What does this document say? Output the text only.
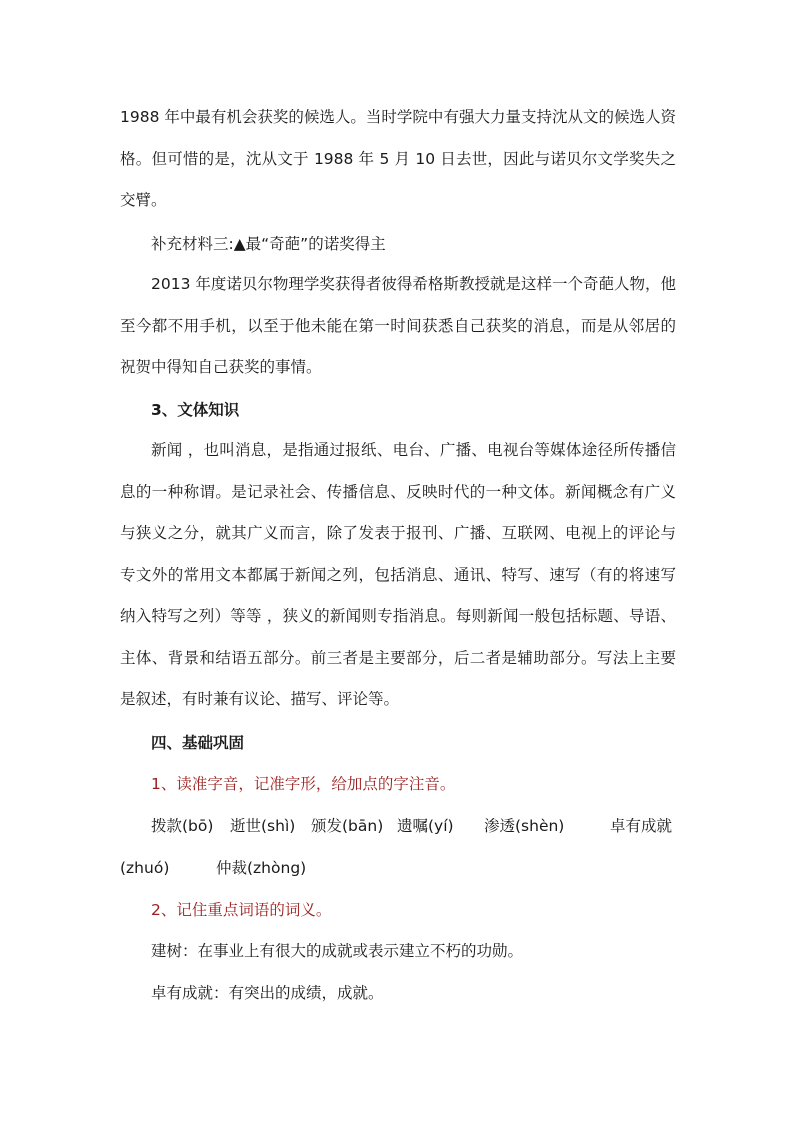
1988 年中最有机会获奖的候选人。当时学院中有强大力量支持沈从文的候选人资格。但可惜的是，沈从文于 1988 年 5 月 10 日去世，因此与诺贝尔文学奖失之交臂。

补充材料三:▲最“奇葩”的诺奖得主

2013 年度诺贝尔物理学奖获得者彼得希格斯教授就是这样一个奇葩人物，他至今都不用手机，以至于他未能在第一时间获悉自己获奖的消息，而是从邻居的祝贺中得知自己获奖的事情。

3、文体知识

新闻 ，也叫消息，是指通过报纸、电台、广播、电视台等媒体途径所传播信息的一种称谓。是记录社会、传播信息、反映时代的一种文体。新闻概念有广义与狭义之分，就其广义而言，除了发表于报刊、广播、互联网、电视上的评论与专文外的常用文本都属于新闻之列，包括消息、通讯、特写、速写（有的将速写纳入特写之列）等等 ，狭义的新闻则专指消息。每则新闻一般包括标题、导语、主体、背景和结语五部分。前三者是主要部分，后二者是辅助部分。写法上主要是叙述，有时兼有议论、描写、评论等。

四、基础巩固

1、读准字音，记准字形，给加点的字注音。

拨款(bō) 逝世(shì) 颁发(bān) 遗嘱(yí) 渗透(shèn)	卓有成就
(zhuó)	仲裁(zhòng)

2、记住重点词语的词义。

建树：在事业上有很大的成就或表示建立不朽的功勋。

卓有成就：有突出的成绩，成就。
